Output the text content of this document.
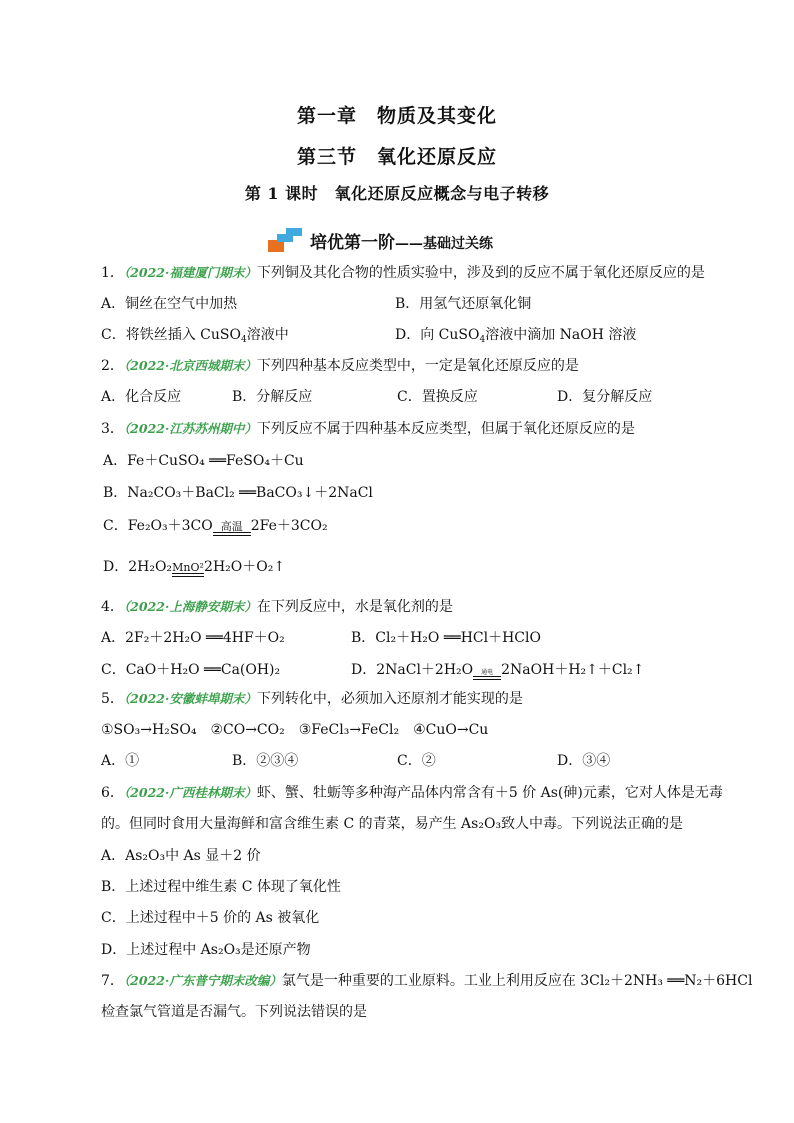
第一章　物质及其变化
第三节　氧化还原反应
第 1 课时　氧化还原反应概念与电子转移
培优第一阶——基础过关练
1．（2022·福建厦门期末）下列铜及其化合物的性质实验中，涉及到的反应不属于氧化还原反应的是
A．铜丝在空气中加热	B．用氢气还原氧化铜
C．将铁丝插入 CuSO$_4$溶液中	D．向 CuSO$_4$溶液中滴加 NaOH 溶液
2．（2022·北京西城期末）下列四种基本反应类型中，一定是氧化还原反应的是
A．化合反应	B．分解反应	C．置换反应	D．复分解反应
3．（2022·江苏苏州期中）下列反应不属于四种基本反应类型，但属于氧化还原反应的是
A．Fe＋CuSO₄ ══FeSO₄＋Cu
B．Na₂CO₃＋BaCl₂ ══BaCO₃↓＋2NaCl
C．Fe₂O₃＋3CO 高温 2Fe＋3CO₂
D．2H₂O₂ MnO² 2H₂O＋O₂↑
4．（2022·上海静安期末）在下列反应中，水是氧化剂的是
A．2F₂＋2H₂O ══4HF＋O₂	B．Cl₂＋H₂O ══HCl＋HClO
C．CaO＋H₂O ══Ca(OH)₂	D．2NaCl＋2H₂O	通电 2NaOH＋H₂↑＋Cl₂↑
5．（2022·安徽蚌埠期末）下列转化中，必须加入还原剂才能实现的是
①SO₃→H₂SO₄　②CO→CO₂　③FeCl₃→FeCl₂　④CuO→Cu
A．①	B．②③④	C．②	D．③④
6．（2022·广西桂林期末）虾、蟹、牡蛎等多种海产品体内常含有＋5 价 As(砷)元素，它对人体是无毒
的。但同时食用大量海鲜和富含维生素 C 的青菜，易产生 As₂O₃致人中毒。下列说法正确的是
A．As₂O₃中 As 显＋2 价
B．上述过程中维生素 C 体现了氧化性
C．上述过程中＋5 价的 As 被氧化
D．上述过程中 As₂O₃是还原产物
7．（2022·广东普宁期末改编）氯气是一种重要的工业原料。工业上利用反应在 3Cl₂＋2NH₃ ══N₂＋6HCl
检查氯气管道是否漏气。下列说法错误的是
